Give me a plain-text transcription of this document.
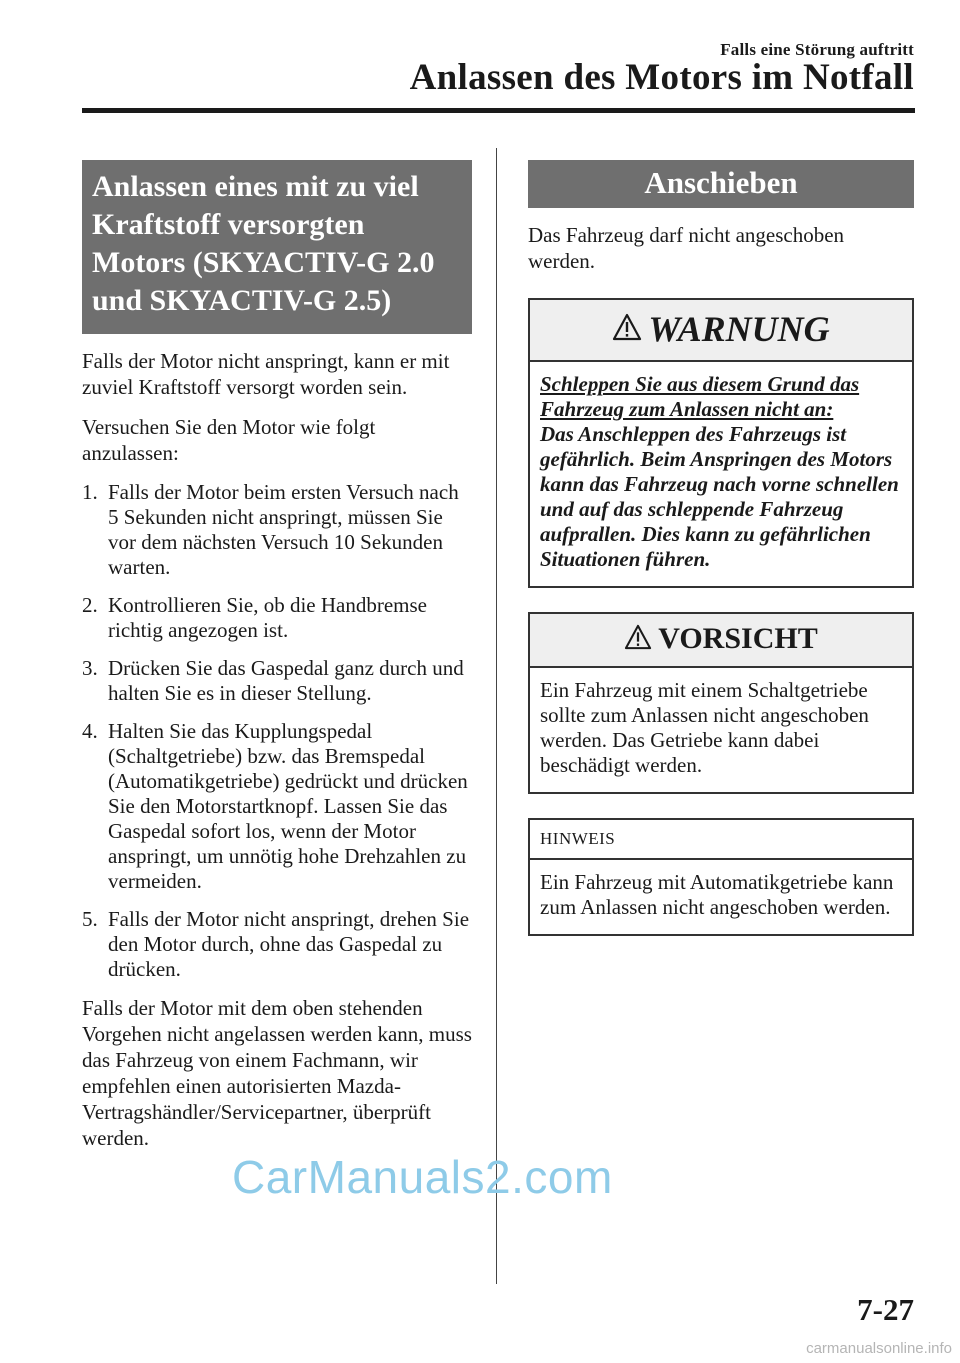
Falls eine Störung auftritt
Anlassen des Motors im Notfall
Anlassen eines mit zu viel Kraftstoff versorgten Motors (SKYACTIV-G 2.0 und SKYACTIV-G 2.5)

Falls der Motor nicht anspringt, kann er mit zuviel Kraftstoff versorgt worden sein.

Versuchen Sie den Motor wie folgt anzulassen:

1. Falls der Motor beim ersten Versuch nach 5 Sekunden nicht anspringt, müssen Sie vor dem nächsten Versuch 10 Sekunden warten.
2. Kontrollieren Sie, ob die Handbremse richtig angezogen ist.
3. Drücken Sie das Gaspedal ganz durch und halten Sie es in dieser Stellung.
4. Halten Sie das Kupplungspedal (Schaltgetriebe) bzw. das Bremspedal (Automatikgetriebe) gedrückt und drücken Sie den Motorstartknopf. Lassen Sie das Gaspedal sofort los, wenn der Motor anspringt, um unnötig hohe Drehzahlen zu vermeiden.
5. Falls der Motor nicht anspringt, drehen Sie den Motor durch, ohne das Gaspedal zu drücken.

Falls der Motor mit dem oben stehenden Vorgehen nicht angelassen werden kann, muss das Fahrzeug von einem Fachmann, wir empfehlen einen autorisierten Mazda-Vertragshändler/Servicepartner, überprüft werden.

Anschieben

Das Fahrzeug darf nicht angeschoben werden.

WARNUNG
Schleppen Sie aus diesem Grund das Fahrzeug zum Anlassen nicht an:
Das Anschleppen des Fahrzeugs ist gefährlich. Beim Anspringen des Motors kann das Fahrzeug nach vorne schnellen und auf das schleppende Fahrzeug aufprallen. Dies kann zu gefährlichen Situationen führen.
VORSICHT
Ein Fahrzeug mit einem Schaltgetriebe sollte zum Anlassen nicht angeschoben werden. Das Getriebe kann dabei beschädigt werden.
HINWEIS
Ein Fahrzeug mit Automatikgetriebe kann zum Anlassen nicht angeschoben werden.
CarManuals2.com
7-27
carmanualsonline.info
